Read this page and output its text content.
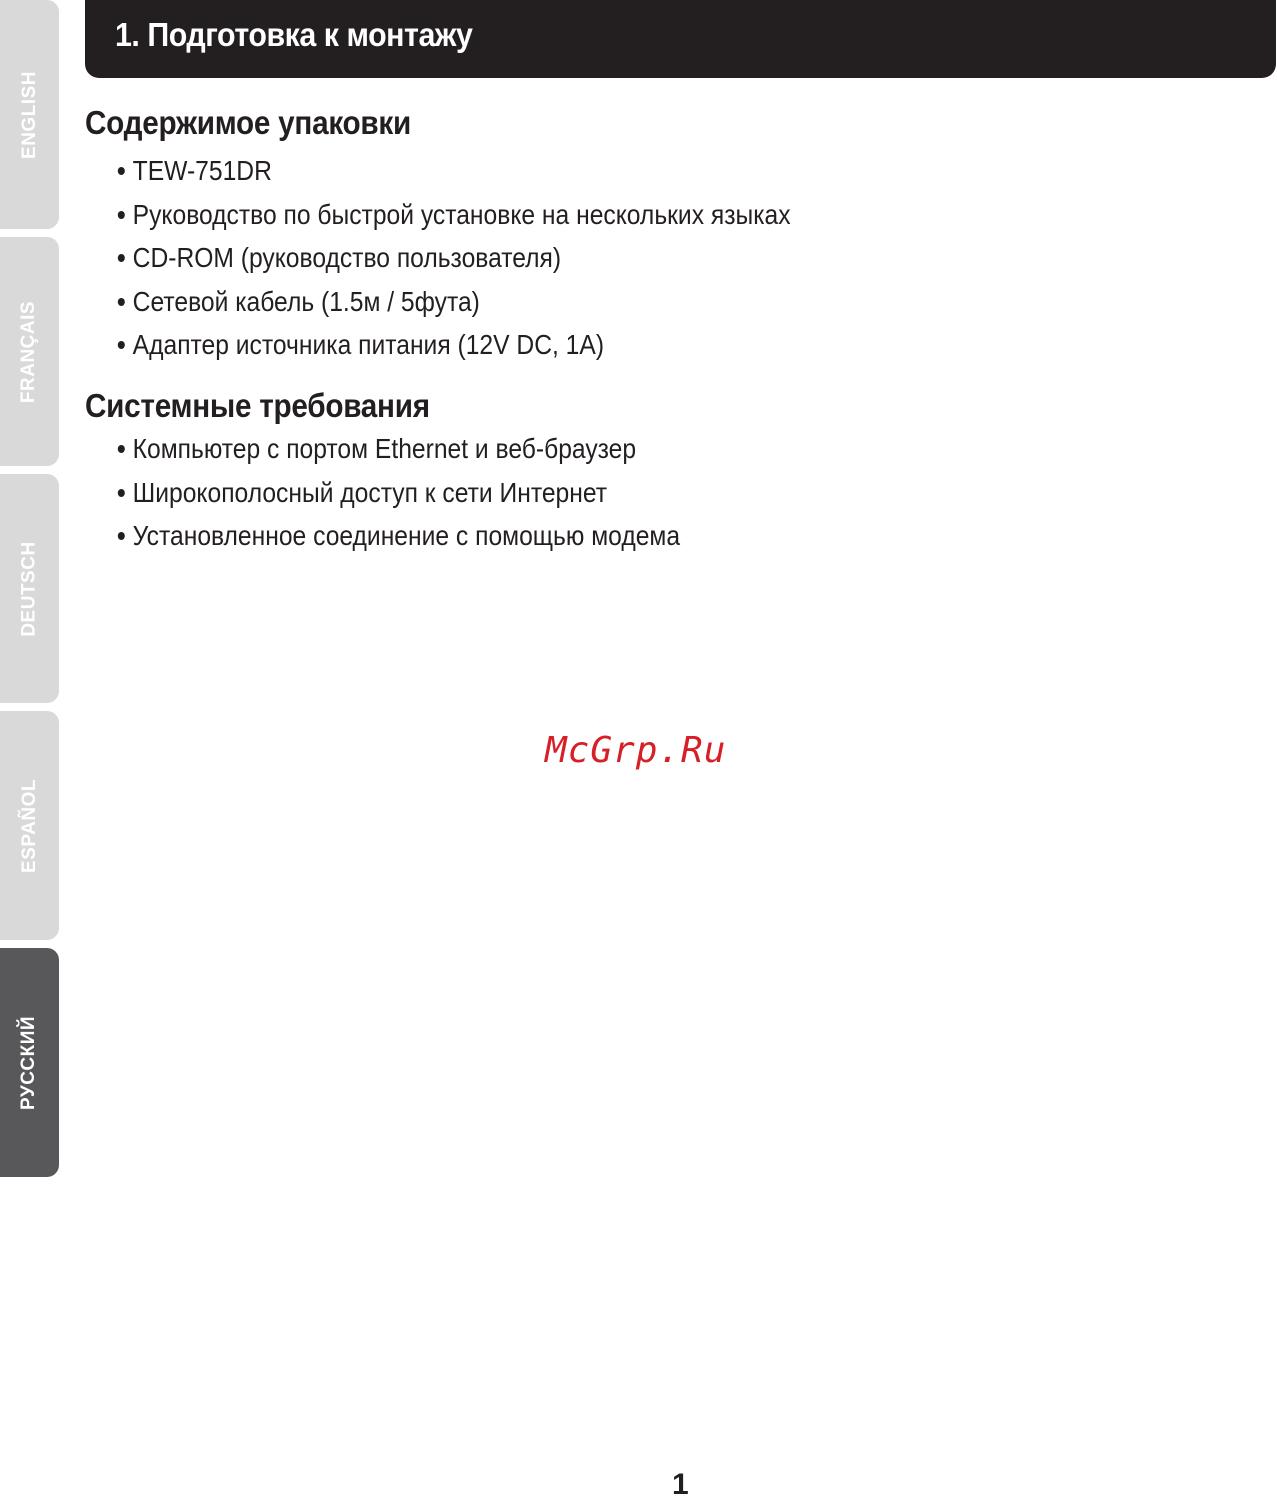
ENGLISH
FRANÇAIS
DEUTSCH
ESPAÑOL
РУССКИЙ
1. Подготовка к монтажу
Содержимое упаковки
• TEW-751DR
• Руководство по быстрой установке на нескольких языках
• CD-ROM (руководство пользователя)
• Сетевой кабель (1.5м / 5фута)
• Адаптер источника питания (12V DC, 1A)
Системные требования
• Компьютер с портом Ethernet и веб-браузер
• Широкополосный доступ к сети Интернет
• Установленное соединение с помощью модема
McGrp.Ru
1
